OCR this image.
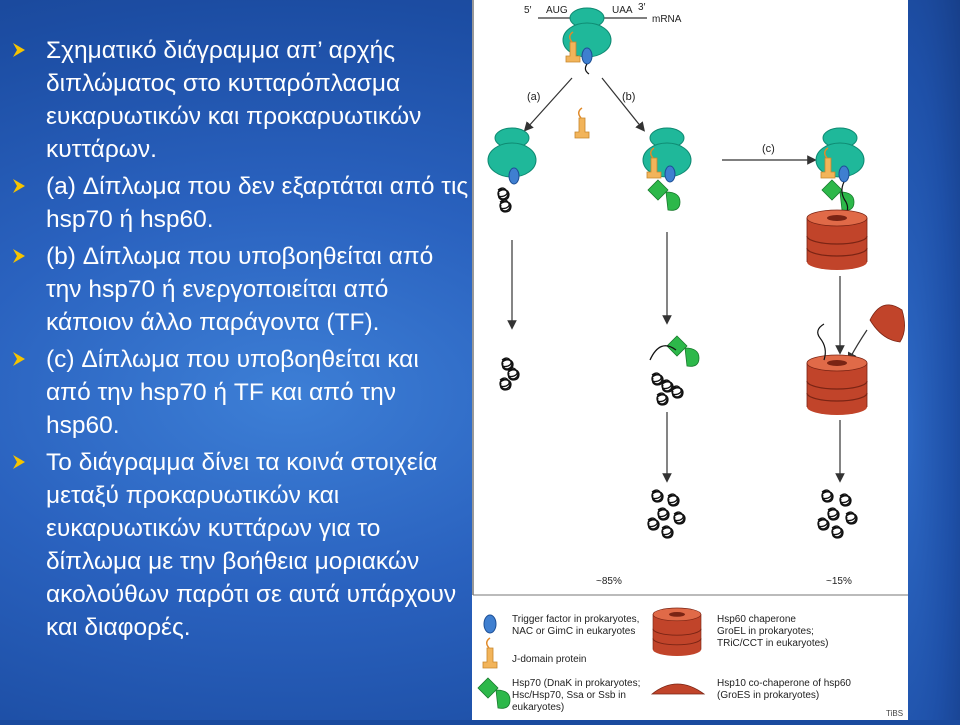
Σχηματικό διάγραμμα απ’ αρχής διπλώματος στο κυτταρόπλασμα ευκαρυωτικών και προκαρυωτικών κυττάρων.
(a) Δίπλωμα που δεν εξαρτάται από τις hsp70 ή hsp60.
(b) Δίπλωμα που υποβοηθείται από την hsp70 ή ενεργοποιείται από κάποιον άλλο παράγοντα (TF).
(c) Δίπλωμα που υποβοηθείται και από την hsp70 ή TF και από την hsp60.
Το διάγραμμα δίνει τα κοινά στοιχεία μεταξύ προκαρυωτικών και ευκαρυωτικών κυττάρων για το δίπλωμα με την βοήθεια μοριακών ακολούθων παρότι σε αυτά υπάρχουν και διαφορές.
5′ AUG	UAA 3′
mRNA
(a)	(b)
(c)
~85%	~15%
Trigger factor in prokaryotes,
NAC or GimC in eukaryotes
J-domain protein
Hsp70 (DnaK in prokaryotes;
Hsc/Hsp70, Ssa or Ssb in
eukaryotes)
Hsp60 chaperone
GroEL in prokaryotes;
TRiC/CCT in eukaryotes)
Hsp10 co-chaperone of hsp60
(GroES in prokaryotes)
TiBS
